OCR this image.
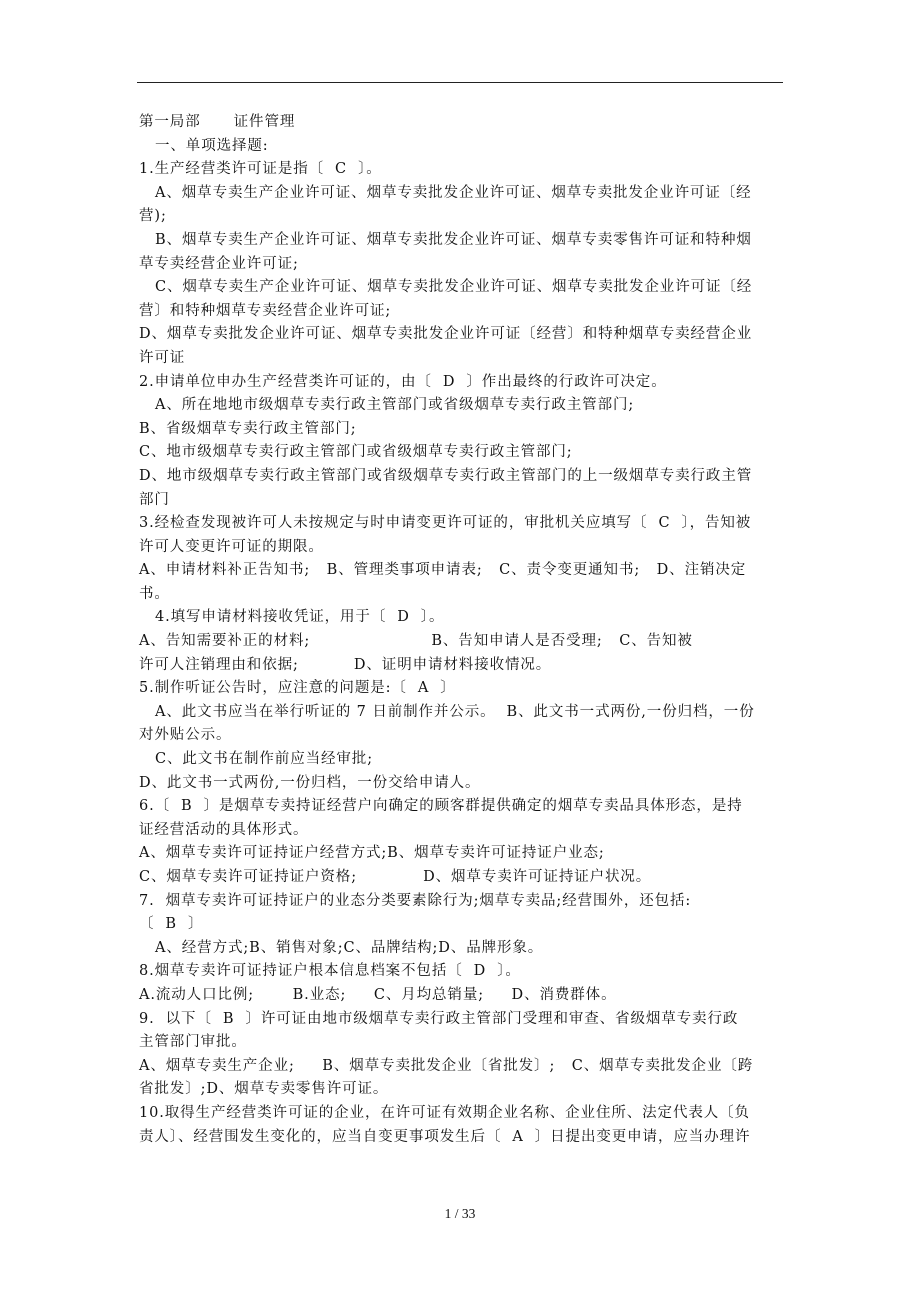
第一局部      证件管理
一、单项选择题:
1.生产经营类许可证是指〔  C  〕。
A、烟草专卖生产企业许可证、烟草专卖批发企业许可证、烟草专卖批发企业许可证〔经
营);
B、烟草专卖生产企业许可证、烟草专卖批发企业许可证、烟草专卖零售许可证和特种烟
草专卖经营企业许可证;
C、烟草专卖生产企业许可证、烟草专卖批发企业许可证、烟草专卖批发企业许可证〔经
营〕和特种烟草专卖经营企业许可证;
D、烟草专卖批发企业许可证、烟草专卖批发企业许可证〔经营〕和特种烟草专卖经营企业
许可证
2.申请单位申办生产经营类许可证的，由〔  D  〕作出最终的行政许可决定。
A、所在地地市级烟草专卖行政主管部门或省级烟草专卖行政主管部门;
B、省级烟草专卖行政主管部门;
C、地市级烟草专卖行政主管部门或省级烟草专卖行政主管部门;
D、地市级烟草专卖行政主管部门或省级烟草专卖行政主管部门的上一级烟草专卖行政主管
部门
3.经检查发现被许可人未按规定与时申请变更许可证的，审批机关应填写〔  C  〕，告知被
许可人变更许可证的期限。
A、申请材料补正告知书;   B、管理类事项申请表;   C、责令变更通知书;   D、注销决定
书。
4.填写申请材料接收凭证，用于〔  D  〕。
A、告知需要补正的材料;                      B、告知申请人是否受理;   C、告知被
许可人注销理由和依据;          D、证明申请材料接收情况。
5.制作听证公告时，应注意的问题是:〔  A  〕
A、此文书应当在举行听证的 7 日前制作并公示。  B、此文书一式两份,一份归档，一份
对外贴公示。
C、此文书在制作前应当经审批;
D、此文书一式两份,一份归档，一份交给申请人。
6.〔  B  〕是烟草专卖持证经营户向确定的顾客群提供确定的烟草专卖品具体形态，是持
证经营活动的具体形式。
A、烟草专卖许可证持证户经营方式;B、烟草专卖许可证持证户业态;
C、烟草专卖许可证持证户资格;            D、烟草专卖许可证持证户状况。
7.  烟草专卖许可证持证户的业态分类要素除行为;烟草专卖品;经营围外，还包括:
〔  B  〕
A、经营方式;B、销售对象;C、品牌结构;D、品牌形象。
8.烟草专卖许可证持证户根本信息档案不包括〔  D  〕。
A.流动人口比例;       B.业态;     C、月均总销量;     D、消费群体。
9.  以下〔  B  〕许可证由地市级烟草专卖行政主管部门受理和审查、省级烟草专卖行政
主管部门审批。
A、烟草专卖生产企业;     B、烟草专卖批发企业〔省批发〕;   C、烟草专卖批发企业〔跨
省批发〕;D、烟草专卖零售许可证。
10.取得生产经营类许可证的企业，在许可证有效期企业名称、企业住所、法定代表人〔负
责人〕、经营围发生变化的，应当自变更事项发生后〔  A  〕日提出变更申请，应当办理许
1 / 33
